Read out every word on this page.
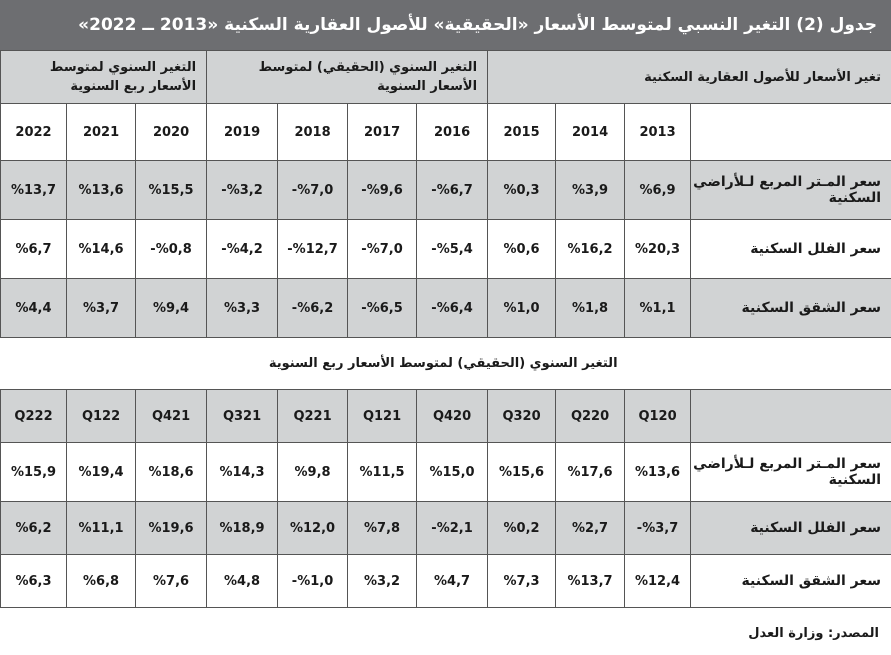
جدول (2) التغير النسبي لمتوسط الأسعار «الحقيقية» للأصول العقارية السكنية «2013 ــ 2022»
تغير الأسعار للأصول العقارية السكنية				التغير السنوي (الحقيقي) لمتوسط الأسعار السنوية				التغير السنوي لمتوسط الأسعار ربع السنوية		
	2013	2014	2015	2016	2017	2018	2019	2020	2021	2022
سعر المـتر المربع لـلأراضي السكنية	%6,9	%3,9	%0,3	-%6,7	-%9,6	-%7,0	-%3,2	%15,5	%13,6	%13,7
سعر الفلل السكنية	%20,3	%16,2	%0,6	-%5,4	-%7,0	-%12,7	-%4,2	-%0,8	%14,6	%6,7
سعر الشقق السكنية	%1,1	%1,8	%1,0	-%6,4	-%6,5	-%6,2	%3,3	%9,4	%3,7	%4,4
التغير السنوي (الحقيقي) لمتوسط الأسعار ربع السنوية										
	Q120	Q220	Q320	Q420	Q121	Q221	Q321	Q421	Q122	Q222
سعر المـتر المربع لـلأراضي السكنية	%13,6	%17,6	%15,6	%15,0	%11,5	%9,8	%14,3	%18,6	%19,4	%15,9
سعر الفلل السكنية	-%3,7	%2,7	%0,2	-%2,1	%7,8	%12,0	%18,9	%19,6	%11,1	%6,2
سعر الشقق السكنية	%12,4	%13,7	%7,3	%4,7	%3,2	-%1,0	%4,8	%7,6	%6,8	%6,3
المصدر: وزارة العدل
